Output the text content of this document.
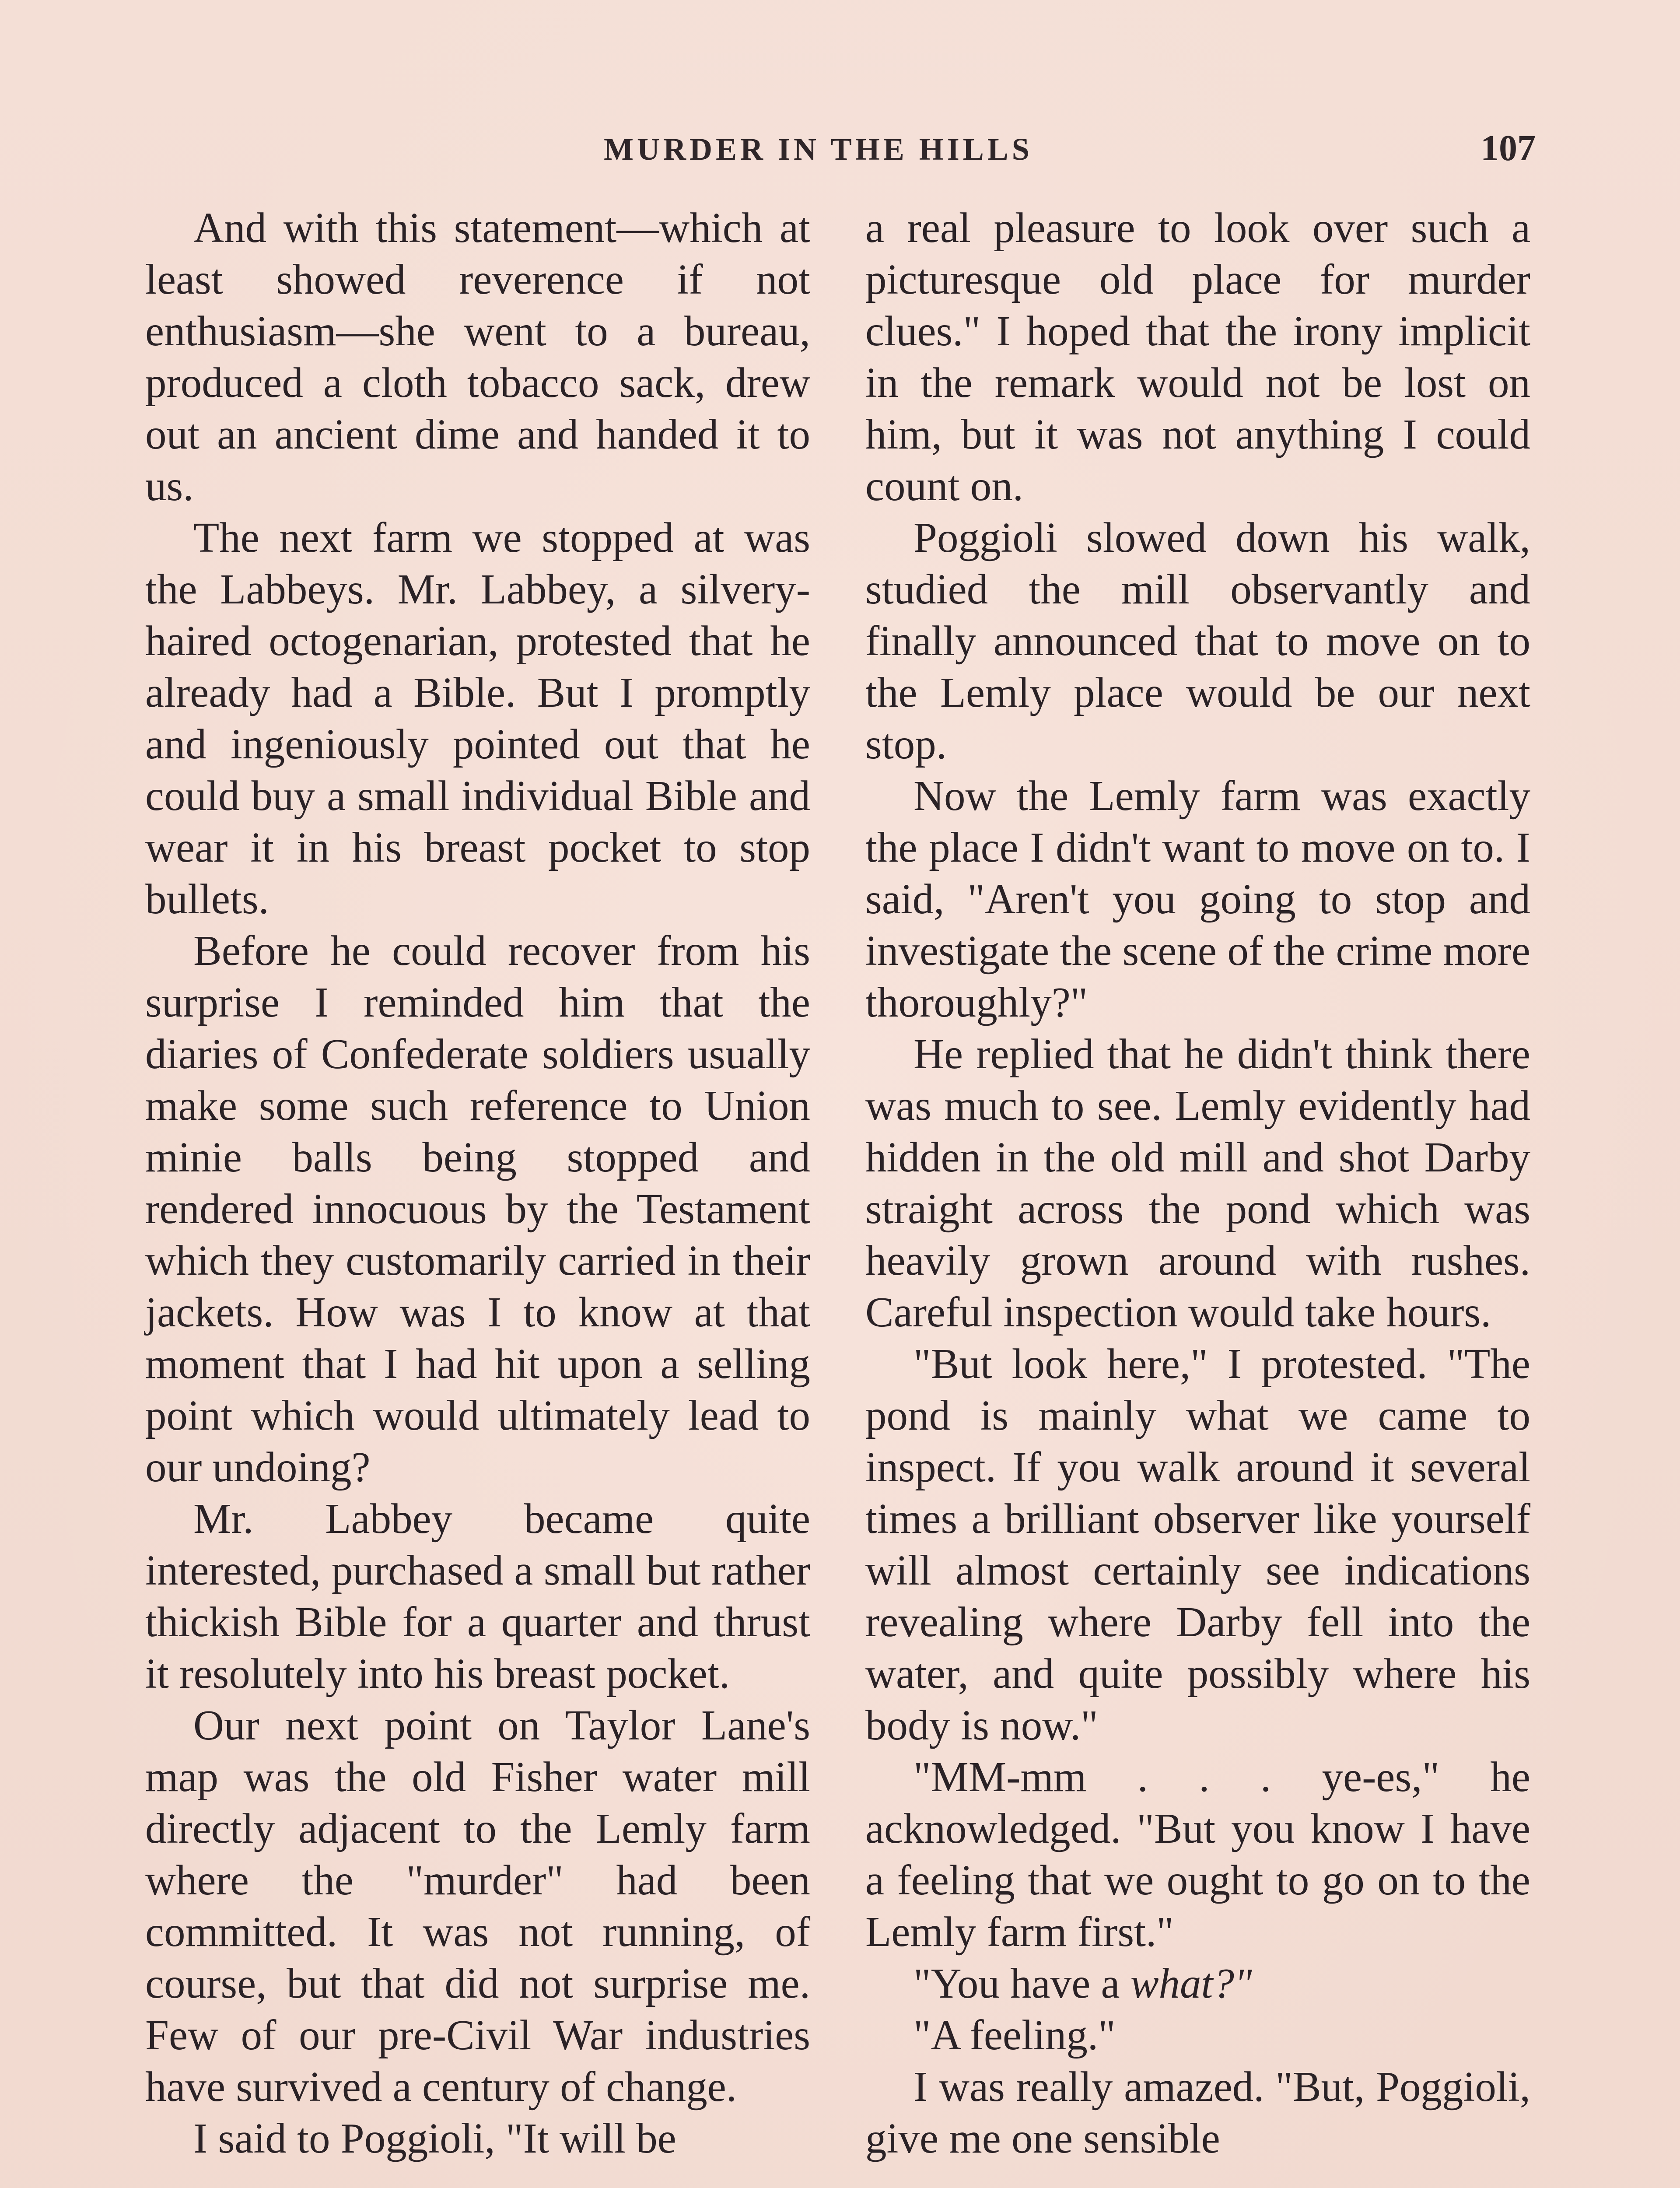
MURDER IN THE HILLS	107

And with this statement—which at least showed reverence if not enthusiasm—she went to a bureau, produced a cloth tobacco sack, drew out an ancient dime and handed it to us.

The next farm we stopped at was the Labbeys. Mr. Labbey, a silvery-haired octogenarian, protested that he already had a Bible. But I promptly and ingeniously pointed out that he could buy a small individual Bible and wear it in his breast pocket to stop bullets.

Before he could recover from his surprise I reminded him that the diaries of Confederate soldiers usually make some such reference to Union minie balls being stopped and rendered innocuous by the Testament which they customarily carried in their jackets. How was I to know at that moment that I had hit upon a selling point which would ultimately lead to our undoing?

Mr. Labbey became quite interested, purchased a small but rather thickish Bible for a quarter and thrust it resolutely into his breast pocket.

Our next point on Taylor Lane's map was the old Fisher water mill directly adjacent to the Lemly farm where the "murder" had been committed. It was not running, of course, but that did not surprise me. Few of our pre-Civil War industries have survived a century of change.

I said to Poggioli, "It will be

a real pleasure to look over such a picturesque old place for murder clues." I hoped that the irony implicit in the remark would not be lost on him, but it was not anything I could count on.

Poggioli slowed down his walk, studied the mill observantly and finally announced that to move on to the Lemly place would be our next stop.

Now the Lemly farm was exactly the place I didn't want to move on to. I said, "Aren't you going to stop and investigate the scene of the crime more thoroughly?"

He replied that he didn't think there was much to see. Lemly evidently had hidden in the old mill and shot Darby straight across the pond which was heavily grown around with rushes. Careful inspection would take hours.

"But look here," I protested. "The pond is mainly what we came to inspect. If you walk around it several times a brilliant observer like yourself will almost certainly see indications revealing where Darby fell into the water, and quite possibly where his body is now."

"MM-mm . . . ye-es," he acknowledged. "But you know I have a feeling that we ought to go on to the Lemly farm first."

"You have a what?"

"A feeling."

I was really amazed. "But, Poggioli, give me one sensible
